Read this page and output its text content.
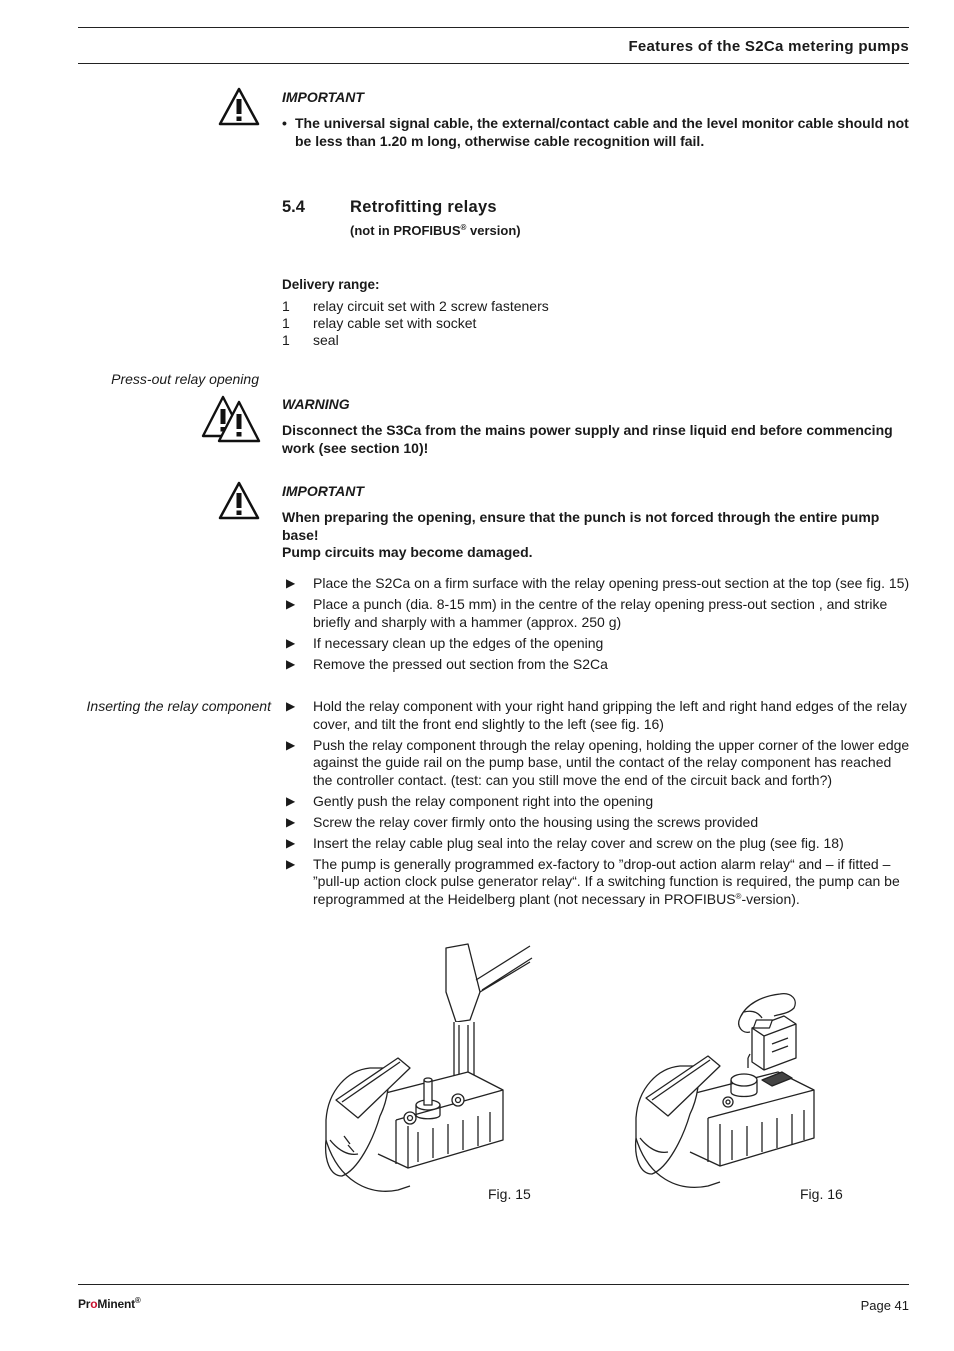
Features of the S2Ca metering pumps
IMPORTANT
• The universal signal cable, the external/contact cable and the level monitor cable should not be less than 1.20 m long, otherwise cable recognition will fail.
5.4	Retrofitting relays
(not in PROFIBUS® version)
Delivery range:
1	relay circuit set with 2 screw fasteners
1	relay cable set with socket
1	seal
Press-out relay opening
WARNING
Disconnect the S3Ca from the mains power supply and rinse liquid end before commencing work (see section 10)!
IMPORTANT
When preparing the opening, ensure that the punch is not forced through the entire pump base!
Pump circuits may become damaged.
▶	Place the S2Ca on a firm surface with the relay opening press-out section at the top (see fig. 15)
▶	Place a punch (dia. 8-15 mm) in the centre of the relay opening press-out section , and strike briefly and sharply with a hammer (approx. 250 g)
▶	If necessary clean up the edges of the opening
▶	Remove the pressed out section from the S2Ca
Inserting the relay component	▶	Hold the relay component with your right hand gripping the left and right hand edges of the relay cover, and tilt the front end slightly to the left (see fig. 16)
▶	Push the relay component through the relay opening, holding the upper corner of the lower edge against the guide rail on the pump base, until the contact of the relay component has reached the controller contact. (test: can you still move the end of the circuit back and forth?)
▶	Gently push the relay component right into the opening
▶	Screw the relay cover firmly onto the housing using the screws provided
▶	Insert the relay cable plug seal into the relay cover and screw on the plug (see fig. 18)
▶	The pump is generally programmed ex-factory to ”drop-out action alarm relay“ and – if fitted – ”pull-up action clock pulse generator relay“. If a switching function is required, the pump can be reprogrammed at the Heidelberg plant (not necessary in PROFIBUS®-version).
Fig. 15	Fig. 16
ProMinent®	Page 41
